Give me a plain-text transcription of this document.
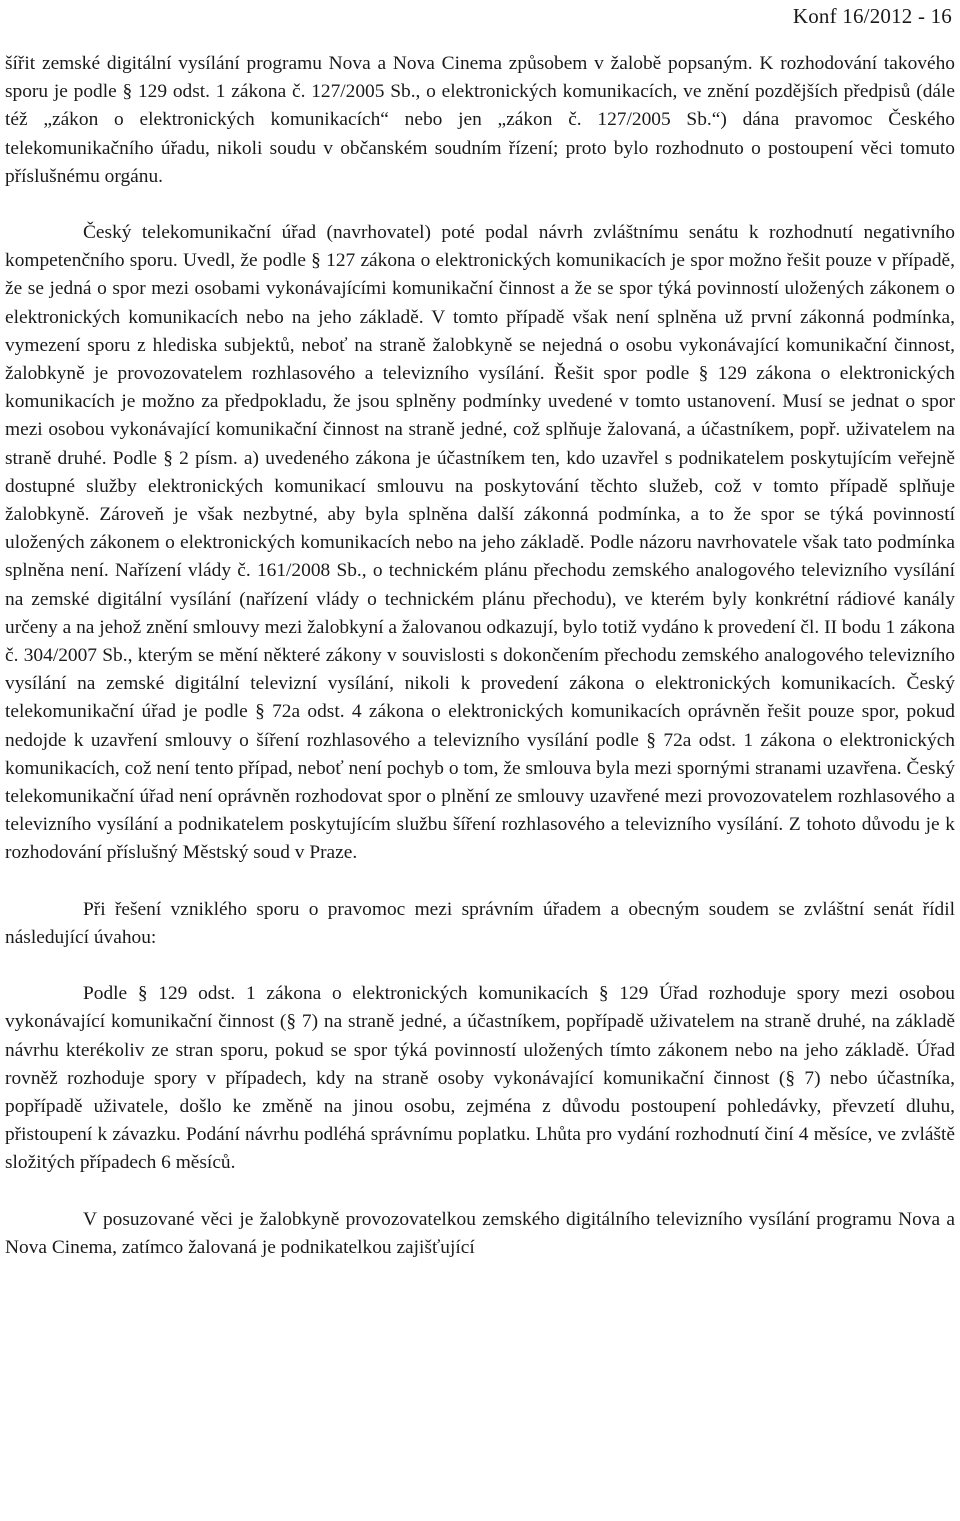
Konf 16/2012 - 16

šířit zemské digitální vysílání programu Nova a Nova Cinema způsobem v žalobě popsaným. K rozhodování takového sporu je podle § 129 odst. 1 zákona č. 127/2005 Sb., o elektronických komunikacích, ve znění pozdějších předpisů (dále též „zákon o elektronických komunikacích“ nebo jen „zákon č. 127/2005 Sb.“) dána pravomoc Českého telekomunikačního úřadu, nikoli soudu v občanském soudním řízení; proto bylo rozhodnuto o postoupení věci tomuto příslušnému orgánu.

Český telekomunikační úřad (navrhovatel) poté podal návrh zvláštnímu senátu k rozhodnutí negativního kompetenčního sporu. Uvedl, že podle § 127 zákona o elektronických komunikacích je spor možno řešit pouze v případě, že se jedná o spor mezi osobami vykonávajícími komunikační činnost a že se spor týká povinností uložených zákonem o elektronických komunikacích nebo na jeho základě. V tomto případě však není splněna už první zákonná podmínka, vymezení sporu z hlediska subjektů, neboť na straně žalobkyně se nejedná o osobu vykonávající komunikační činnost, žalobkyně je provozovatelem rozhlasového a televizního vysílání. Řešit spor podle § 129 zákona o elektronických komunikacích je možno za předpokladu, že jsou splněny podmínky uvedené v tomto ustanovení. Musí se jednat o spor mezi osobou vykonávající komunikační činnost na straně jedné, což splňuje žalovaná, a účastníkem, popř. uživatelem na straně druhé. Podle § 2 písm. a) uvedeného zákona je účastníkem ten, kdo uzavřel s podnikatelem poskytujícím veřejně dostupné služby elektronických komunikací smlouvu na poskytování těchto služeb, což v tomto případě splňuje žalobkyně. Zároveň je však nezbytné, aby byla splněna další zákonná podmínka, a to že spor se týká povinností uložených zákonem o elektronických komunikacích nebo na jeho základě. Podle názoru navrhovatele však tato podmínka splněna není. Nařízení vlády č. 161/2008 Sb., o technickém plánu přechodu zemského analogového televizního vysílání na zemské digitální vysílání (nařízení vlády o technickém plánu přechodu), ve kterém byly konkrétní rádiové kanály určeny a na jehož znění smlouvy mezi žalobkyní a žalovanou odkazují, bylo totiž vydáno k provedení čl. II bodu 1 zákona č. 304/2007 Sb., kterým se mění některé zákony v souvislosti s dokončením přechodu zemského analogového televizního vysílání na zemské digitální televizní vysílání, nikoli k provedení zákona o elektronických komunikacích. Český telekomunikační úřad je podle § 72a odst. 4 zákona o elektronických komunikacích oprávněn řešit pouze spor, pokud nedojde k uzavření smlouvy o šíření rozhlasového a televizního vysílání podle § 72a odst. 1 zákona o elektronických komunikacích, což není tento případ, neboť není pochyb o tom, že smlouva byla mezi spornými stranami uzavřena. Český telekomunikační úřad není oprávněn rozhodovat spor o plnění ze smlouvy uzavřené mezi provozovatelem rozhlasového a televizního vysílání a podnikatelem poskytujícím službu šíření rozhlasového a televizního vysílání. Z tohoto důvodu je k rozhodování příslušný Městský soud v Praze.

Při řešení vzniklého sporu o pravomoc mezi správním úřadem a obecným soudem se zvláštní senát řídil následující úvahou:

Podle § 129 odst. 1 zákona o elektronických komunikacích § 129 Úřad rozhoduje spory mezi osobou vykonávající komunikační činnost (§ 7) na straně jedné, a účastníkem, popřípadě uživatelem na straně druhé, na základě návrhu kterékoliv ze stran sporu, pokud se spor týká povinností uložených tímto zákonem nebo na jeho základě. Úřad rovněž rozhoduje spory v případech, kdy na straně osoby vykonávající komunikační činnost (§ 7) nebo účastníka, popřípadě uživatele, došlo ke změně na jinou osobu, zejména z důvodu postoupení pohledávky, převzetí dluhu, přistoupení k závazku. Podání návrhu podléhá správnímu poplatku. Lhůta pro vydání rozhodnutí činí 4 měsíce, ve zvláště složitých případech 6 měsíců.

V posuzované věci je žalobkyně provozovatelkou zemského digitálního televizního vysílání programu Nova a Nova Cinema, zatímco žalovaná je podnikatelkou zajišťující
